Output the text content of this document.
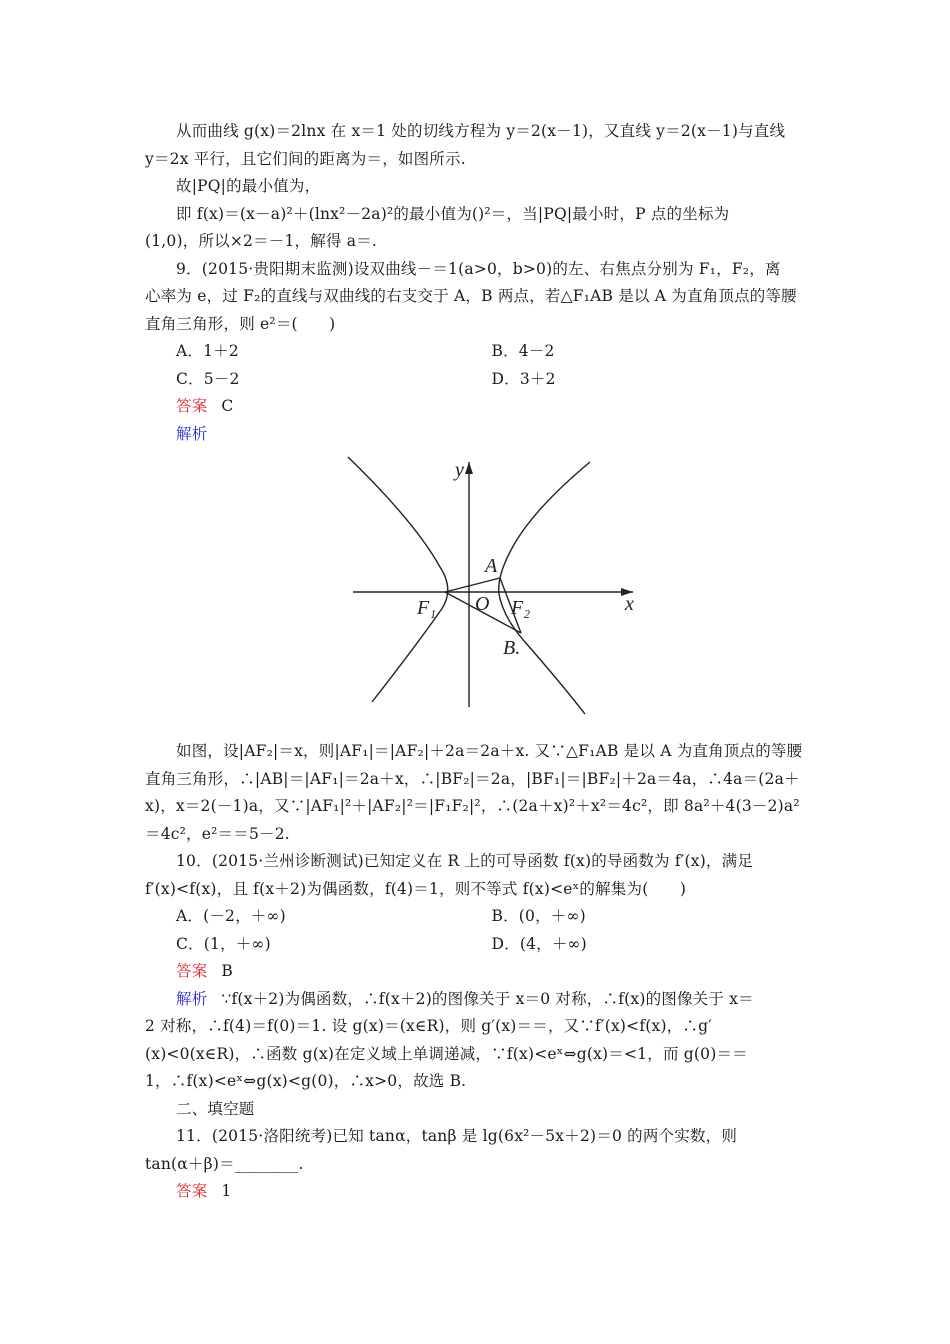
从而曲线 g(x)＝2lnx 在 x＝1 处的切线方程为 y＝2(x－1)，又直线 y＝2(x－1)与直线
y＝2x 平行，且它们间的距离为＝，如图所示.
故|PQ|的最小值为，
即 f(x)＝(x－a)²＋(lnx²－2a)²的最小值为()²＝，当|PQ|最小时，P 点的坐标为
(1,0)，所以×2＝－1，解得 a＝.
9．(2015·贵阳期末监测)设双曲线－＝1(a>0，b>0)的左、右焦点分别为 F₁，F₂，离
心率为 e，过 F₂的直线与双曲线的右支交于 A，B 两点，若△F₁AB 是以 A 为直角顶点的等腰
直角三角形，则 e²＝(　　)
A．1＋2	B．4－2
C．5－2	D．3＋2
答案 C
解析
y
x
O
A
B.
F₁	F₂
如图，设|AF₂|＝x，则|AF₁|＝|AF₂|＋2a＝2a＋x. 又∵△F₁AB 是以 A 为直角顶点的等腰
直角三角形，∴|AB|＝|AF₁|＝2a＋x，∴|BF₂|＝2a，|BF₁|＝|BF₂|＋2a＝4a，∴4a＝(2a＋
x)，x＝2(－1)a，又∵|AF₁|²＋|AF₂|²＝|F₁F₂|²，∴(2a＋x)²＋x²＝4c²，即 8a²＋4(3－2)a²
＝4c²，e²＝＝5－2.
10．(2015·兰州诊断测试)已知定义在 R 上的可导函数 f(x)的导函数为 f′(x)，满足
f′(x)<f(x)，且 f(x＋2)为偶函数，f(4)＝1，则不等式 f(x)<eˣ的解集为(　　)
A．(－2，＋∞)	B．(0，＋∞)
C．(1，＋∞)	D．(4，＋∞)
答案 B
解析 ∵f(x＋2)为偶函数，∴f(x＋2)的图像关于 x＝0 对称，∴f(x)的图像关于 x＝
2 对称，∴f(4)＝f(0)＝1. 设 g(x)＝(x∈R)，则 g′(x)＝＝，又∵f′(x)<f(x)，∴g′
(x)<0(x∈R)，∴函数 g(x)在定义域上单调递减，∵f(x)<eˣ⇔g(x)＝<1，而 g(0)＝＝
1，∴f(x)<eˣ⇔g(x)<g(0)，∴x>0，故选 B.
二、填空题
11．(2015·洛阳统考)已知 tanα，tanβ 是 lg(6x²－5x＋2)＝0 的两个实数，则
tan(α＋β)＝________.
答案 1
